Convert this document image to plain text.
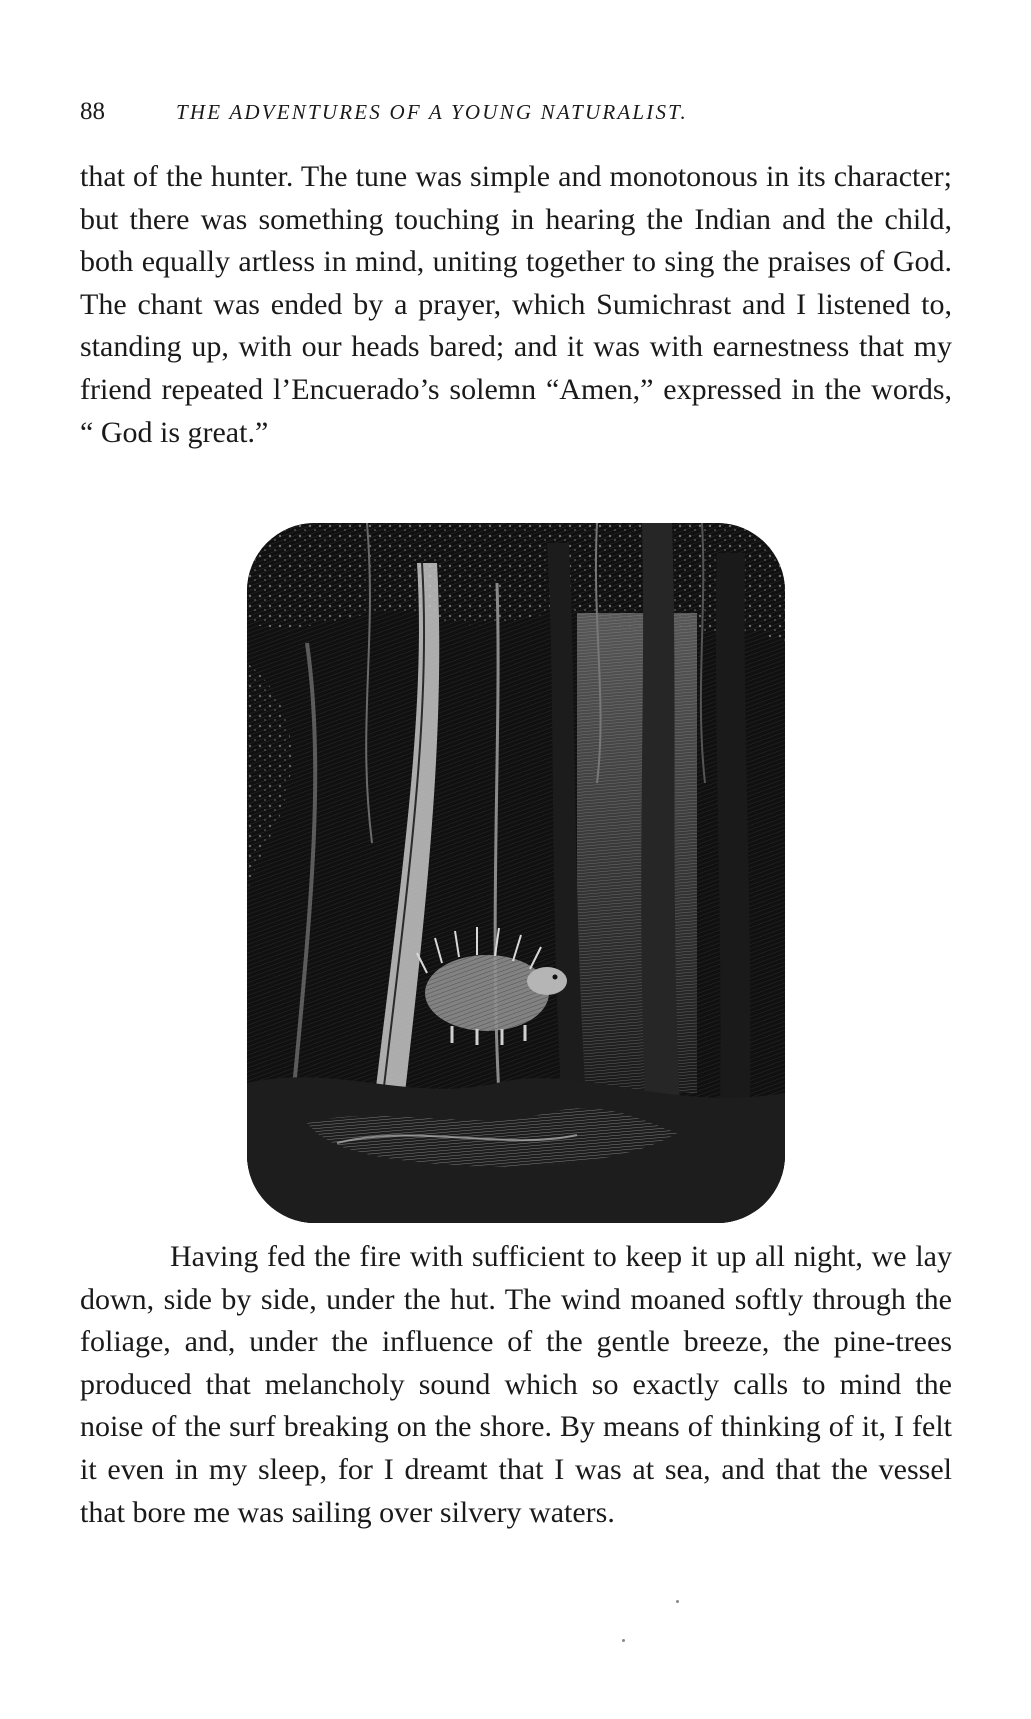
88	THE ADVENTURES OF A YOUNG NATURALIST.

that of the hunter. The tune was simple and monotonous in its character; but there was something touching in hearing the Indian and the child, both equally artless in mind, uniting together to sing the praises of God. The chant was ended by a prayer, which Sumichrast and I listened to, standing up, with our heads bared; and it was with earnestness that my friend repeated l’Encuerado’s solemn “Amen,” expressed in the words, “ God is great.”

Having fed the fire with sufficient to keep it up all night, we lay down, side by side, under the hut. The wind moaned softly through the foliage, and, under the influence of the gentle breeze, the pine-trees produced that melancholy sound which so exactly calls to mind the noise of the surf breaking on the shore. By means of thinking of it, I felt it even in my sleep, for I dreamt that I was at sea, and that the vessel that bore me was sailing over silvery waters.
